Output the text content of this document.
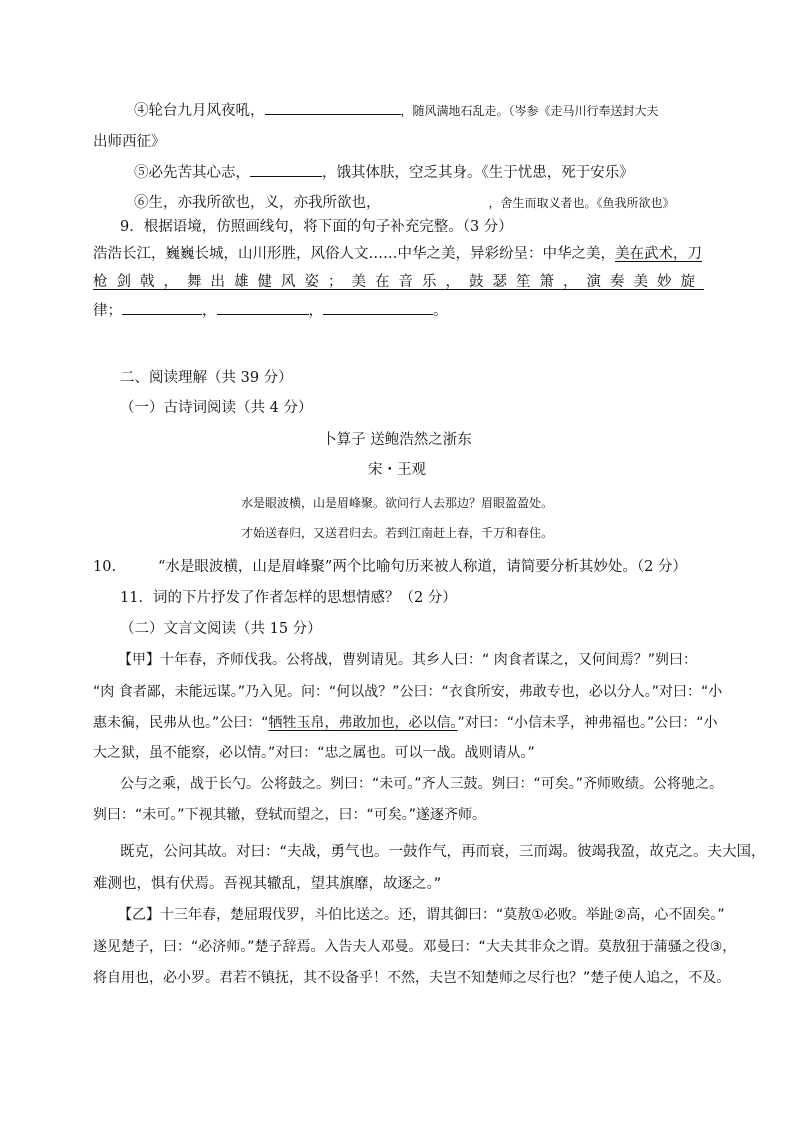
④轮台九月风夜吼，	，随风满地石乱走。（岑参《走马川行奉送封大夫
出师西征》
⑤必先苦其心志，	，饿其体肤，空乏其身。《生于忧患，死于安乐》
⑥生，亦我所欲也，义，亦我所欲也，	，舍生而取义者也。《鱼我所欲也》
9．根据语境，仿照画线句，将下面的句子补充完整。（3 分）
浩浩长江，巍巍长城，山川形胜，风俗人文……中华之美，异彩纷呈：中华之美，美在武术，刀
枪剑戟，舞出雄健风姿； 美在音乐，鼓瑟笙箫，演奏美妙旋
律；	，	，	。
二、阅读理解（共 39 分）
（一）古诗词阅读（共 4 分）
卜算子 送鲍浩然之浙东
宋・王观
水是眼波横，山是眉峰聚。欲问行人去那边？眉眼盈盈处。
才始送春归，又送君归去。若到江南赶上春，千万和春住。
10.	“水是眼波横，山是眉峰聚”两个比喻句历来被人称道，请简要分析其妙处。（2 分）
11．词的下片抒发了作者怎样的思想情感？（2 分）
（二）文言文阅读（共 15 分）
【甲】十年春，齐师伐我。公将战，曹刿请见。其乡人曰：“ 肉食者谋之，又何间焉？”刿曰：
“肉 食者鄙，未能远谋。”乃入见。问：“何以战？”公曰：“衣食所安，弗敢专也，必以分人。”对曰：“小
惠未徧，民弗从也。”公曰：“牺牲玉帛，弗敢加也，必以信。”对曰：“小信未孚，神弗福也。”公曰：“小
大之狱，虽不能察，必以情。”对曰：“忠之属也。可以一战。战则请从。”
公与之乘，战于长勺。公将鼓之。刿曰：“未可。”齐人三鼓。刿曰：“可矣。”齐师败绩。公将驰之。
刿曰：“未可。”下视其辙，登轼而望之，曰：“可矣。”遂逐齐师。
既克，公问其故。对曰：“夫战，勇气也。一鼓作气，再而衰，三而竭。彼竭我盈，故克之。夫大国，
难测也，惧有伏焉。吾视其辙乱，望其旗靡，故逐之。”
【乙】十三年春，楚屈瑕伐罗，斗伯比送之。还，谓其御曰：“莫敖①必败。举趾②高，心不固矣。”
遂见楚子，曰：“必济师。”楚子辞焉。入告夫人邓曼。邓曼曰：“大夫其非众之谓。莫敖狃于蒲骚之役③，
将自用也，必小罗。君若不镇抚，其不设备乎！不然，夫岂不知楚师之尽行也？”楚子使人追之，不及。
